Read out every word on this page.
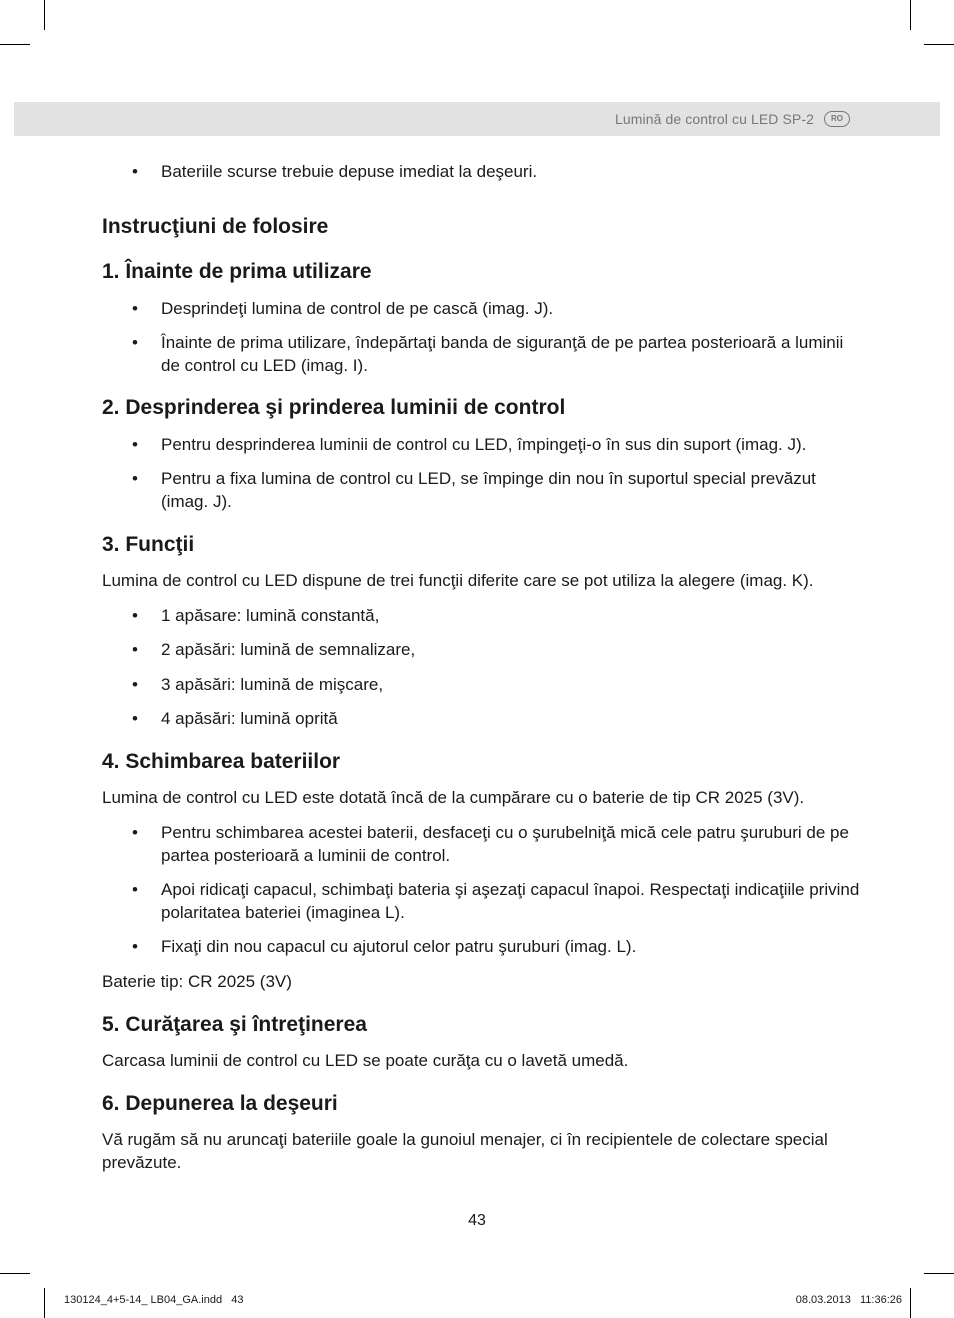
Lumină de control cu LED SP-2	RO
• Bateriile scurse trebuie depuse imediat la deşeuri.
Instrucţiuni de folosire
1. Înainte de prima utilizare
• Desprindeţi lumina de control de pe cască (imag. J).
• Înainte de prima utilizare, îndepărtaţi banda de siguranţă de pe partea posterioară a luminii de control cu LED (imag. I).
2. Desprinderea şi prinderea luminii de control
• Pentru desprinderea luminii de control cu LED, împingeţi-o în sus din suport (imag. J).
• Pentru a fixa lumina de control cu LED, se împinge din nou în suportul special prevăzut (imag. J).
3. Funcţii
Lumina de control cu LED dispune de trei funcţii diferite care se pot utiliza la alegere (imag. K).
• 1 apăsare: lumină constantă,
• 2 apăsări: lumină de semnalizare,
• 3 apăsări: lumină de mişcare,
• 4 apăsări: lumină oprită
4. Schimbarea bateriilor
Lumina de control cu LED este dotată încă de la cumpărare cu o baterie de tip CR 2025 (3V).
• Pentru schimbarea acestei baterii, desfaceţi cu o şurubelniţă mică cele patru şuruburi de pe partea posterioară a luminii de control.
• Apoi ridicaţi capacul, schimbaţi bateria şi aşezaţi capacul înapoi. Respectaţi indicaţiile privind polaritatea bateriei (imaginea L).
• Fixaţi din nou capacul cu ajutorul celor patru şuruburi (imag. L).
Baterie tip: CR 2025 (3V)
5. Curăţarea şi întreţinerea
Carcasa luminii de control cu LED se poate curăţa cu o lavetă umedă.
6. Depunerea la deşeuri
Vă rugăm să nu aruncaţi bateriile goale la gunoiul menajer, ci în recipientele de colectare special prevăzute.
43
130124_4+5-14_ LB04_GA.indd   43	08.03.2013   11:36:26
